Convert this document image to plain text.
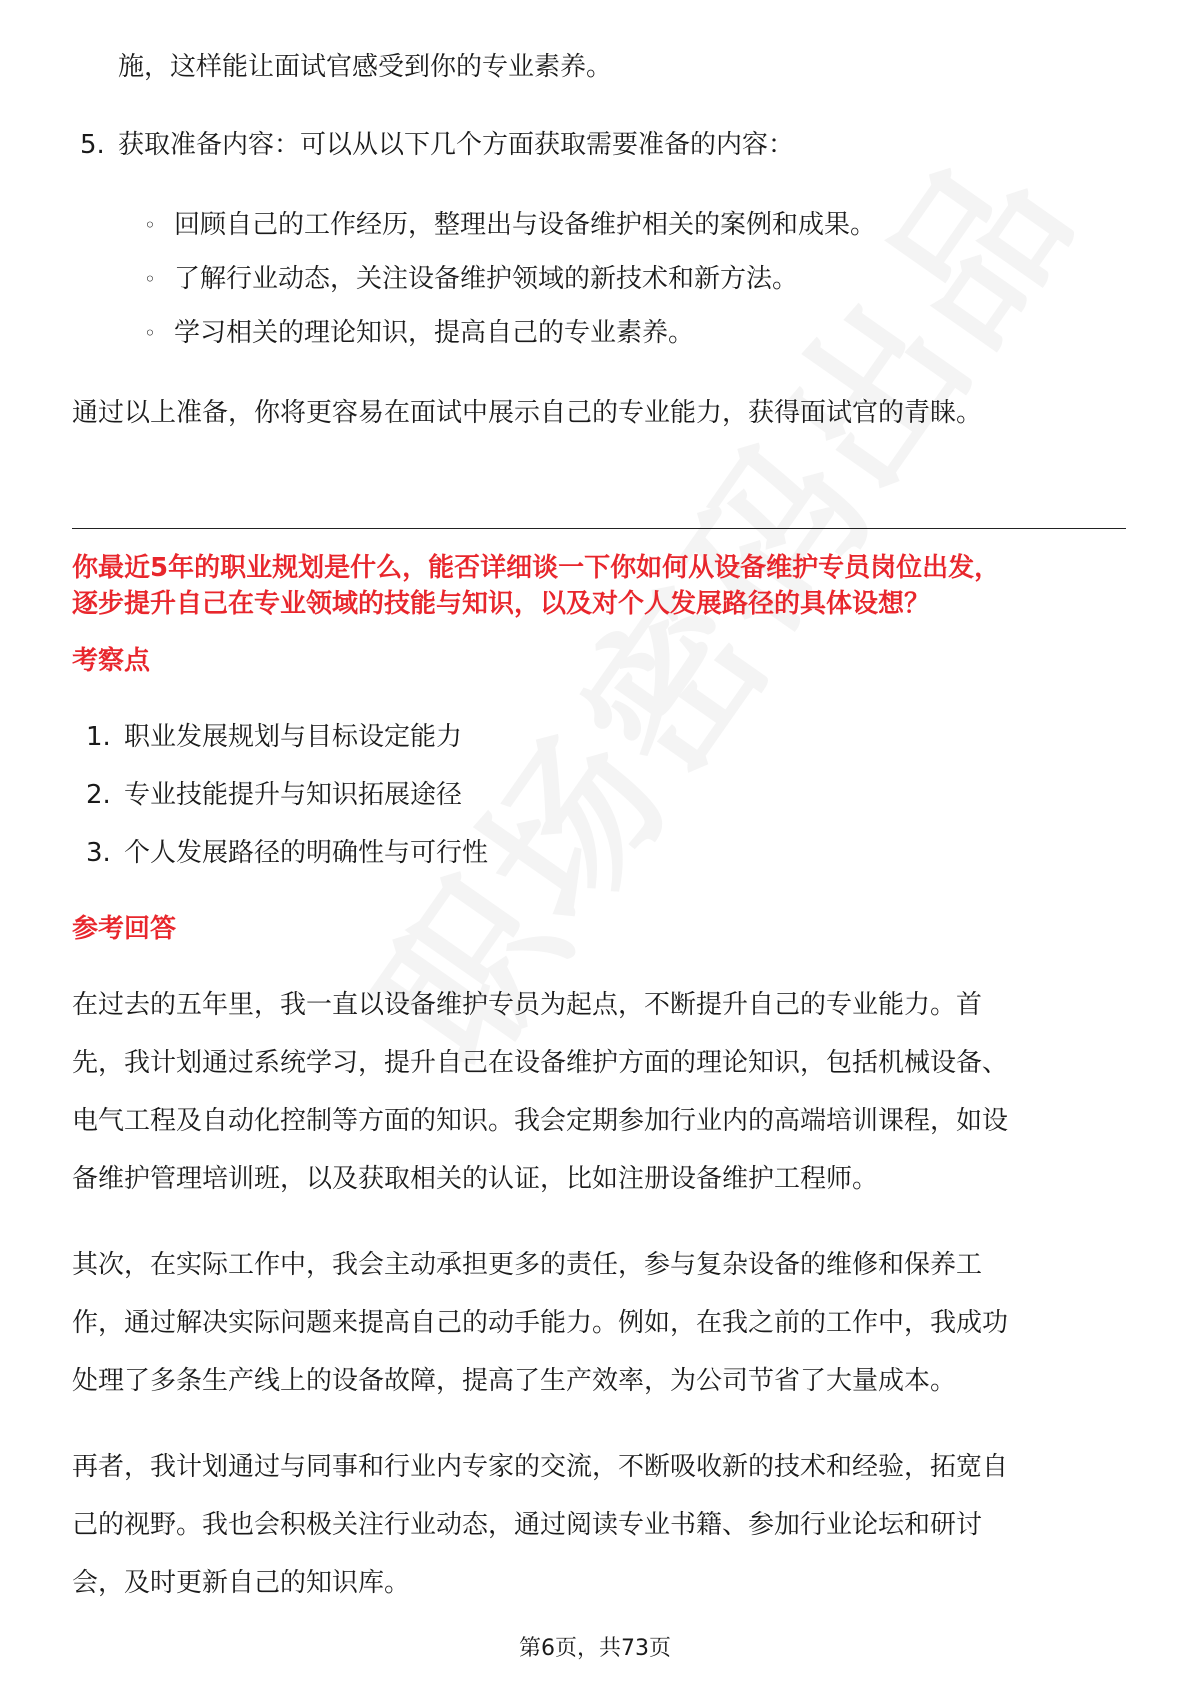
施，这样能让面试官感受到你的专业素养。
5. 获取准备内容：可以从以下几个方面获取需要准备的内容：
◦ 回顾自己的工作经历，整理出与设备维护相关的案例和成果。
◦ 了解行业动态，关注设备维护领域的新技术和新方法。
◦ 学习相关的理论知识，提高自己的专业素养。
通过以上准备，你将更容易在面试中展示自己的专业能力，获得面试官的青睐。
你最近5年的职业规划是什么，能否详细谈一下你如何从设备维护专员岗位出发，
逐步提升自己在专业领域的技能与知识，以及对个人发展路径的具体设想？
考察点
1. 职业发展规划与目标设定能力
2. 专业技能提升与知识拓展途径
3. 个人发展路径的明确性与可行性
参考回答

在过去的五年里，我一直以设备维护专员为起点，不断提升自己的专业能力。首

先，我计划通过系统学习，提升自己在设备维护方面的理论知识，包括机械设备、

电气工程及自动化控制等方面的知识。我会定期参加行业内的高端培训课程，如设

备维护管理培训班，以及获取相关的认证，比如注册设备维护工程师。

其次，在实际工作中，我会主动承担更多的责任，参与复杂设备的维修和保养工

作，通过解决实际问题来提高自己的动手能力。例如，在我之前的工作中，我成功

处理了多条生产线上的设备故障，提高了生产效率，为公司节省了大量成本。

再者，我计划通过与同事和行业内专家的交流，不断吸收新的技术和经验，拓宽自

己的视野。我也会积极关注行业动态，通过阅读专业书籍、参加行业论坛和研讨

会，及时更新自己的知识库。

第6页，共73页
